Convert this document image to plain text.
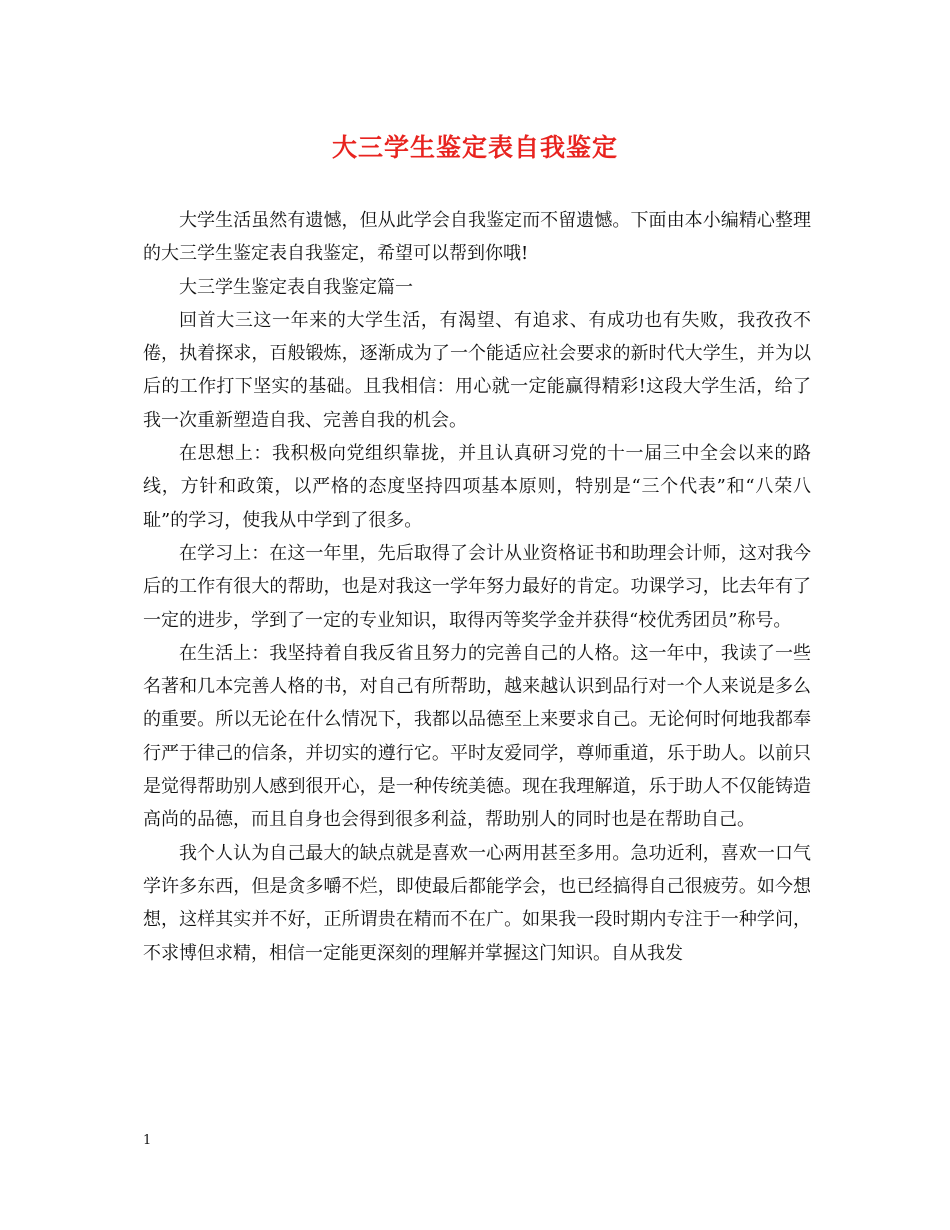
大三学生鉴定表自我鉴定

大学生活虽然有遗憾，但从此学会自我鉴定而不留遗憾。下面由本小编精心整理的大三学生鉴定表自我鉴定，希望可以帮到你哦!

大三学生鉴定表自我鉴定篇一

回首大三这一年来的大学生活，有渴望、有追求、有成功也有失败，我孜孜不倦，执着探求，百般锻炼，逐渐成为了一个能适应社会要求的新时代大学生，并为以后的工作打下坚实的基础。且我相信：用心就一定能赢得精彩!这段大学生活，给了我一次重新塑造自我、完善自我的机会。

在思想上：我积极向党组织靠拢，并且认真研习党的十一届三中全会以来的路线，方针和政策，以严格的态度坚持四项基本原则，特别是“三个代表”和“八荣八耻”的学习，使我从中学到了很多。

在学习上：在这一年里，先后取得了会计从业资格证书和助理会计师，这对我今后的工作有很大的帮助，也是对我这一学年努力最好的肯定。功课学习，比去年有了一定的进步，学到了一定的专业知识，取得丙等奖学金并获得“校优秀团员”称号。

在生活上：我坚持着自我反省且努力的完善自己的人格。这一年中，我读了一些名著和几本完善人格的书，对自己有所帮助，越来越认识到品行对一个人来说是多么的重要。所以无论在什么情况下，我都以品德至上来要求自己。无论何时何地我都奉行严于律己的信条，并切实的遵行它。平时友爱同学，尊师重道，乐于助人。以前只是觉得帮助别人感到很开心，是一种传统美德。现在我理解道，乐于助人不仅能铸造高尚的品德，而且自身也会得到很多利益，帮助别人的同时也是在帮助自己。

我个人认为自己最大的缺点就是喜欢一心两用甚至多用。急功近利，喜欢一口气学许多东西，但是贪多嚼不烂，即使最后都能学会，也已经搞得自己很疲劳。如今想想，这样其实并不好，正所谓贵在精而不在广。如果我一段时期内专注于一种学问，不求博但求精，相信一定能更深刻的理解并掌握这门知识。自从我发

1
